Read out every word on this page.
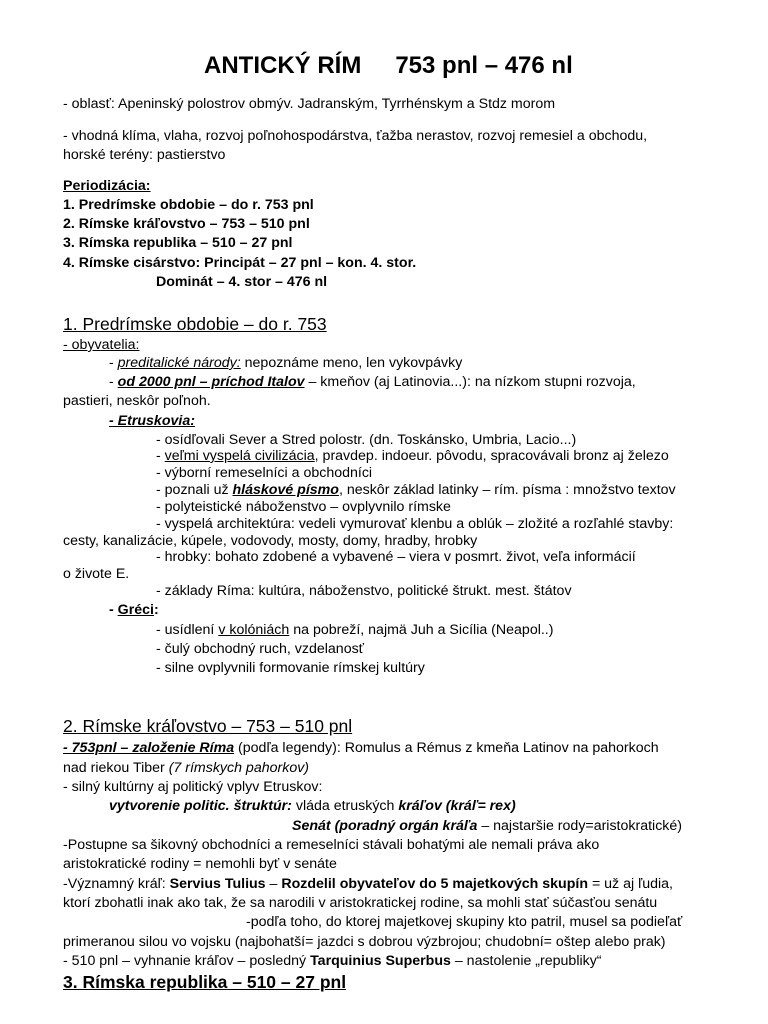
ANTICKÝ RÍM 753 pnl – 476 nl
- oblasť: Apeninský polostrov obmýv. Jadranským, Tyrrhénskym a Stdz morom
- vhodná klíma, vlaha, rozvoj poľnohospodárstva, ťažba nerastov, rozvoj remesiel a obchodu,
horské terény: pastierstvo
Periodizácia:
1. Predrímske obdobie – do r. 753 pnl
2. Rímske kráľovstvo – 753 – 510 pnl
3. Rímska republika – 510 – 27 pnl
4. Rímske cisárstvo: Principát – 27 pnl – kon. 4. stor.
Dominát – 4. stor – 476 nl
1. Predrímske obdobie – do r. 753
- obyvatelia:
- preditalické národy: nepoznáme meno, len vykovpávky
- od 2000 pnl – príchod Italov – kmeňov (aj Latinovia...): na nízkom stupni rozvoja,
pastieri, neskôr poľnoh.
- Etruskovia:
- osídľovali Sever a Stred polostr. (dn. Toskánsko, Umbria, Lacio...)
- veľmi vyspelá civilizácia, pravdep. indoeur. pôvodu, spracovávali bronz aj železo
- výborní remeselníci a obchodníci
- poznali už hláskové písmo, neskôr základ latinky – rím. písma : množstvo textov
- polyteistické náboženstvo – ovplyvnilo rímske
- vyspelá architektúra: vedeli vymurovať klenbu a oblúk – zložité a rozľahlé stavby:
cesty, kanalizácie, kúpele, vodovody, mosty, domy, hradby, hrobky
- hrobky: bohato zdobené a vybavené – viera v posmrt. život, veľa informácií
o živote E.
- základy Ríma: kultúra, náboženstvo, politické štrukt. mest. štátov
- Gréci:
- usídlení v kolóniách na pobreží, najmä Juh a Sicília (Neapol..)
- čulý obchodný ruch, vzdelanosť
- silne ovplyvnili formovanie rímskej kultúry
2. Rímske kráľovstvo – 753 – 510 pnl
- 753pnl – založenie Ríma (podľa legendy): Romulus a Rémus z kmeňa Latinov na pahorkoch
nad riekou Tiber (7 rímskych pahorkov)
- silný kultúrny aj politický vplyv Etruskov:
vytvorenie politic. štruktúr: vláda etruských kráľov (kráľ= rex)
Senát (poradný orgán kráľa – najstaršie rody=aristokratické)
-Postupne sa šikovný obchodníci a remeselníci stávali bohatými ale nemali práva ako
aristokratické rodiny = nemohli byť v senáte
-Významný kráľ: Servius Tulius – Rozdelil obyvateľov do 5 majetkových skupín = už aj ľudia,
ktorí zbohatli inak ako tak, že sa narodili v aristokratickej rodine, sa mohli stať súčasťou senátu
-podľa toho, do ktorej majetkovej skupiny kto patril, musel sa podieľať
primeranou silou vo vojsku (najbohatší= jazdci s dobrou výzbrojou; chudobní= oštep alebo prak)
- 510 pnl – vyhnanie kráľov – posledný Tarquinius Superbus – nastolenie „republiky“
3. Rímska republika – 510 – 27 pnl
